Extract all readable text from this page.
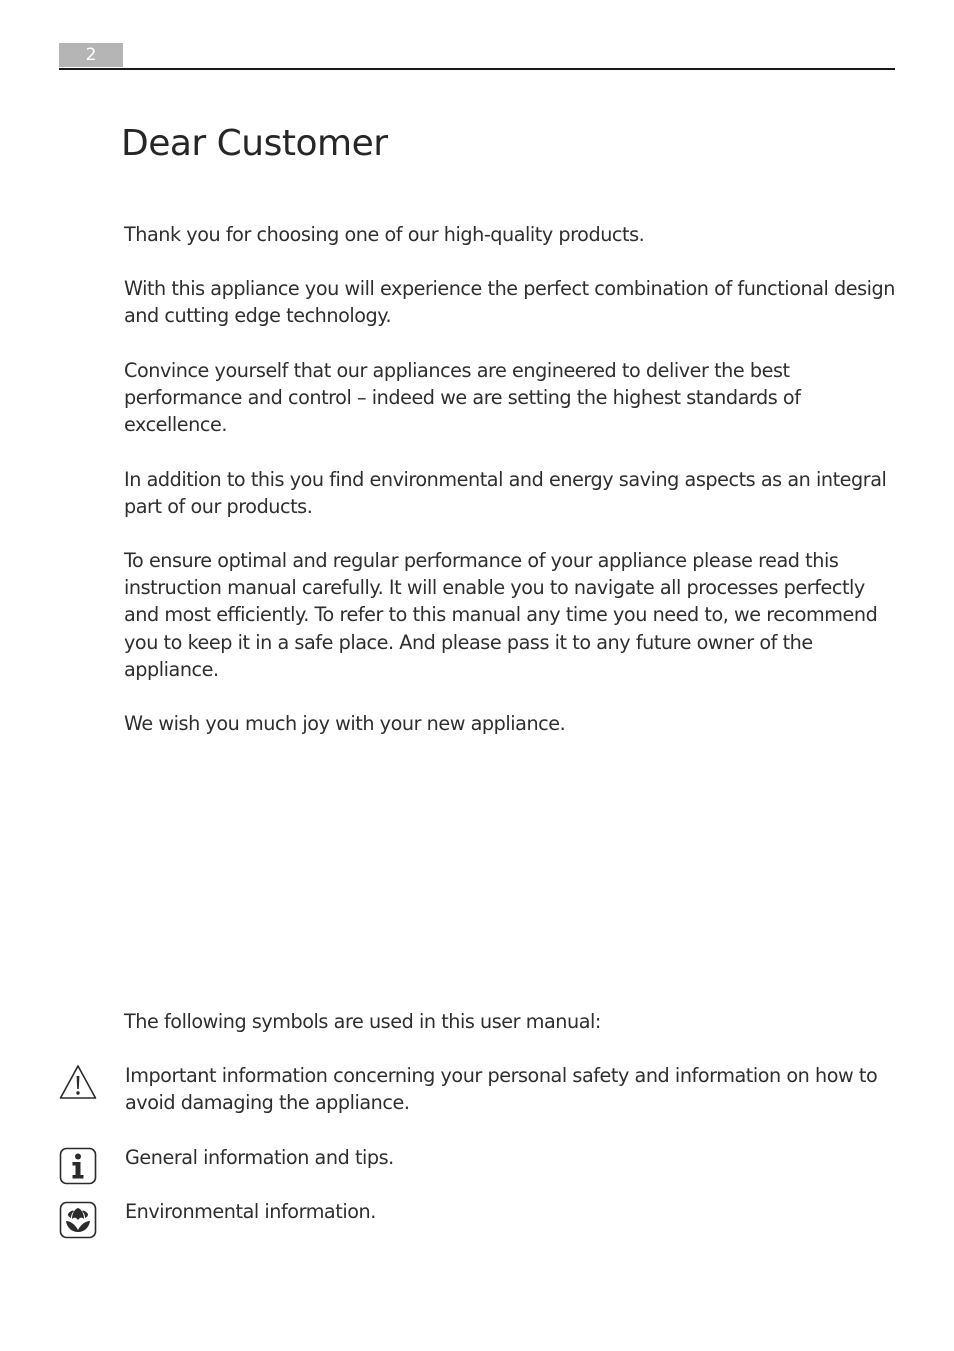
2
Dear Customer

Thank you for choosing one of our high-quality products.

With this appliance you will experience the perfect combination of functional design and cutting edge technology.

Convince yourself that our appliances are engineered to deliver the best performance and control – indeed we are setting the highest standards of excellence.

In addition to this you find environmental and energy saving aspects as an integral part of our products.

To ensure optimal and regular performance of your appliance please read this instruction manual carefully. It will enable you to navigate all processes perfectly and most efficiently. To refer to this manual any time you need to, we recommend you to keep it in a safe place. And please pass it to any future owner of the appliance.

We wish you much joy with your new appliance.

The following symbols are used in this user manual:

Important information concerning your personal safety and information on how to avoid damaging the appliance.

General information and tips.

Environmental information.
